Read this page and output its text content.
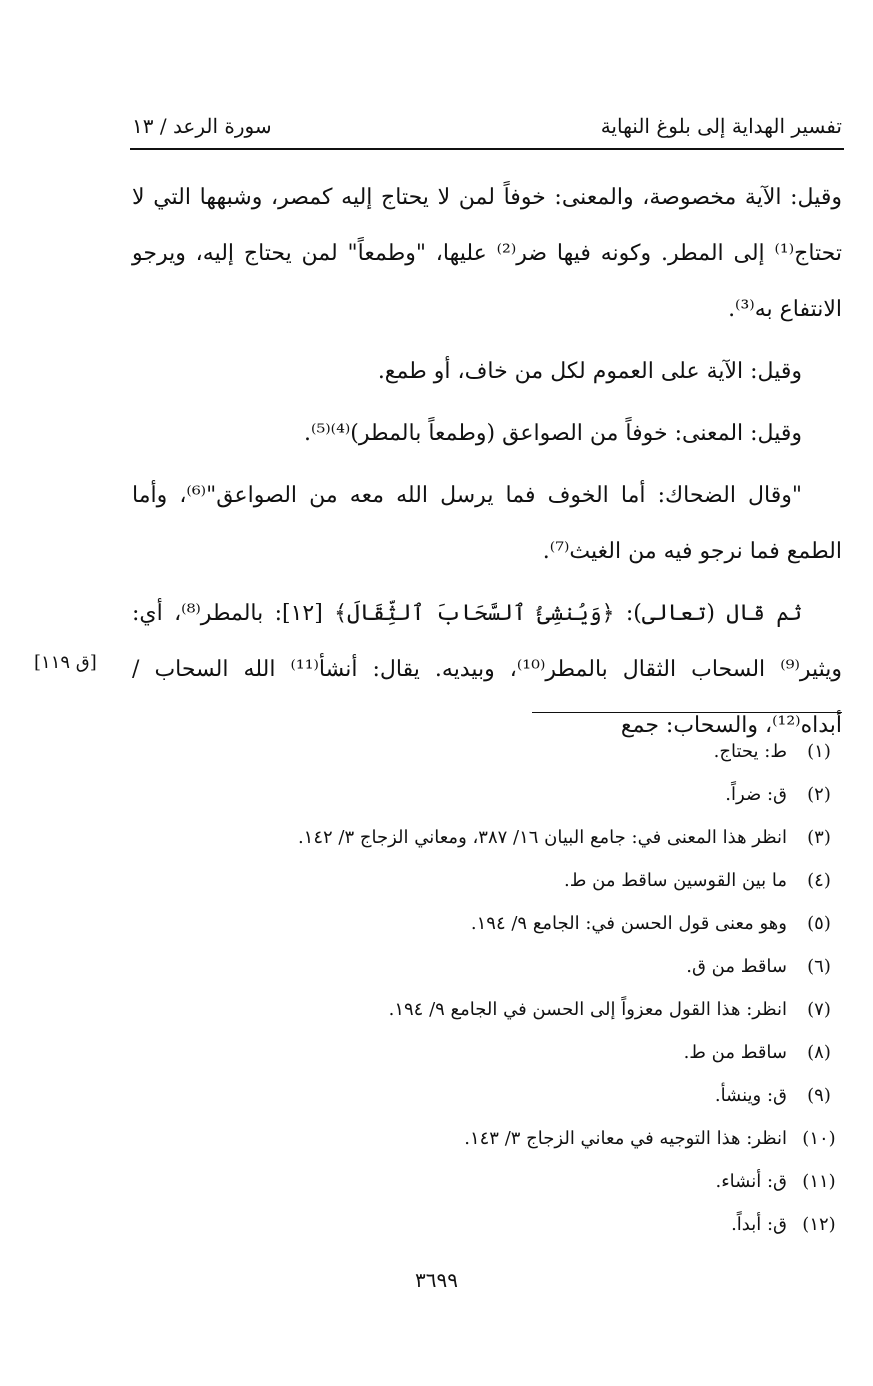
تفسير الهداية إلى بلوغ النهاية
سورة الرعد / ١٣

وقيل: الآية مخصوصة، والمعنى: خوفاً لمن لا يحتاج إليه كمصر، وشبهها التي لا تحتاج⁽¹⁾ إلى المطر. وكونه فيها ضر⁽²⁾ عليها، "وطمعاً" لمن يحتاج إليه، ويرجو الانتفاع به⁽³⁾.

وقيل: الآية على العموم لكل من خاف، أو طمع.

وقيل: المعنى: خوفاً من الصواعق (وطمعاً بالمطر)⁽⁴⁾⁽⁵⁾.

"وقال الضحاك: أما الخوف فما يرسل الله معه من الصواعق"⁽⁶⁾، وأما الطمع فما نرجو فيه من الغيث⁽⁷⁾.

ثم قال (تعالى): ﴿وَيُنشِئُ ٱلسَّحَابَ ٱلثِّقَالَ﴾ [١٢]: بالمطر⁽⁸⁾، أي: ويثير⁽⁹⁾ السحاب الثقال بالمطر⁽¹⁰⁾، وبيديه. يقال: أنشأ⁽¹¹⁾ الله السحاب / أبداه⁽¹²⁾، والسحاب: جمع

[ق ١١٩]
(١)
ط: يحتاج.
(٢)
ق: ضراً.
(٣)
انظر هذا المعنى في: جامع البيان ١٦/ ٣٨٧، ومعاني الزجاج ٣/ ١٤٢.
(٤)
ما بين القوسين ساقط من ط.
(٥)
وهو معنى قول الحسن في: الجامع ٩/ ١٩٤.
(٦)
ساقط من ق.
(٧)
انظر: هذا القول معزواً إلى الحسن في الجامع ٩/ ١٩٤.
(٨)
ساقط من ط.
(٩)
ق: وينشأ.
(١٠)
انظر: هذا التوجيه في معاني الزجاج ٣/ ١٤٣.
(١١)
ق: أنشاء.
(١٢)
ق: أبداً.
٣٦٩٩
